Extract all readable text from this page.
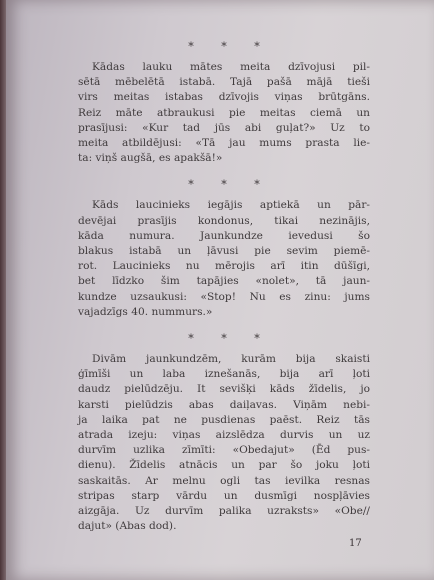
* * *
Kādas lauku mātes meita dzīvojusi pil-
sētā mēbelētā istabā. Tajā pašā mājā tieši
virs meitas istabas dzīvojis viņas brūtgāns.
Reiz māte atbraukusi pie meitas ciemā un
prasījusi: «Kur tad jūs abi guļat?» Uz to
meita atbildējusi: «Tā jau mums prasta lie-
ta: viņš augšā, es apakšā!»
* * *
Kāds laucinieks iegājis aptiekā un pār-
devējai prasījis kondonus, tikai nezinājis,
kāda numura. Jaunkundze ievedusi šo
blakus istabā un ļāvusi pie sevim piemē-
rot. Laucinieks nu mērojis arī itin dūšīgi,
bet līdzko šim tapājies «nolet», tā jaun-
kundze uzsaukusi: «Stop! Nu es zinu: jums
vajadzīgs 40. nummurs.»
* * *
Divām jaunkundzēm, kurām bija skaisti
ģīmīši un laba iznešanās, bija arī ļoti
daudz pielūdzēju. It sevišķi kāds žīdelis, jo
karsti pielūdzis abas daiļavas. Viņām nebi-
ja laika pat ne pusdienas paēst. Reiz tās
atrada izeju: viņas aizslēdza durvis un uz
durvīm uzlika zīmīti: «Obedajut» (Ēd pus-
dienu). Žīdelis atnācis un par šo joku ļoti
saskaitās. Ar melnu ogli tas ievilka resnas
stripas starp vārdu un dusmīgi nospļāvies
aizgāja. Uz durvīm palika uzraksts» «Obe//
dajut» (Abas dod).
17
